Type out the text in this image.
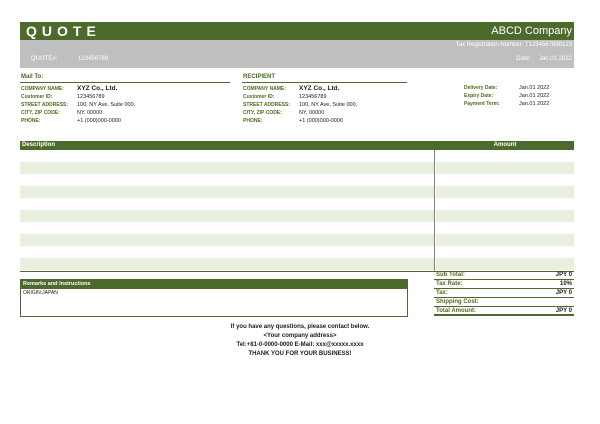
QUOTE	ABCD Company
Tax Registration Number: T1234567890123
QUOTE#:	123456789	Date: Jan.01 2022
Mail To:
COMPANY NAME: XYZ Co., Ltd.
Customer ID:	123456789
STREET ADDRESS: 100, NY Ave, Suite 000,
CITY, ZIP CODE:	NY, 00000
PHONE:	+1 (000)000-0000
RECIPIENT
COMPANY NAME: XYZ Co., Ltd.
Customer ID:	123456789
STREET ADDRESS: 100, NY Ave, Suite 000,
CITY, ZIP CODE:	NY, 00000
PHONE:	+1 (000)000-0000
Delivery Date:	Jan.01 2022
Expiry Date:	Jan.01 2022
Payment Term:	Jan.01 2022
Description	Amount
Remarks and Instructions
ORIGIN:JAPAN
Sub Total:	JPY 0
Tax Rate:	10%
Tax:	JPY 0
Shipping Cost:
Total Amount:	JPY 0
If you have any questions, please contact below.
<Your company address>
Tel:+81-0-0000-0000 E-Mail: xxx@xxxxx.xxxx
THANK YOU FOR YOUR BUSINESS!
